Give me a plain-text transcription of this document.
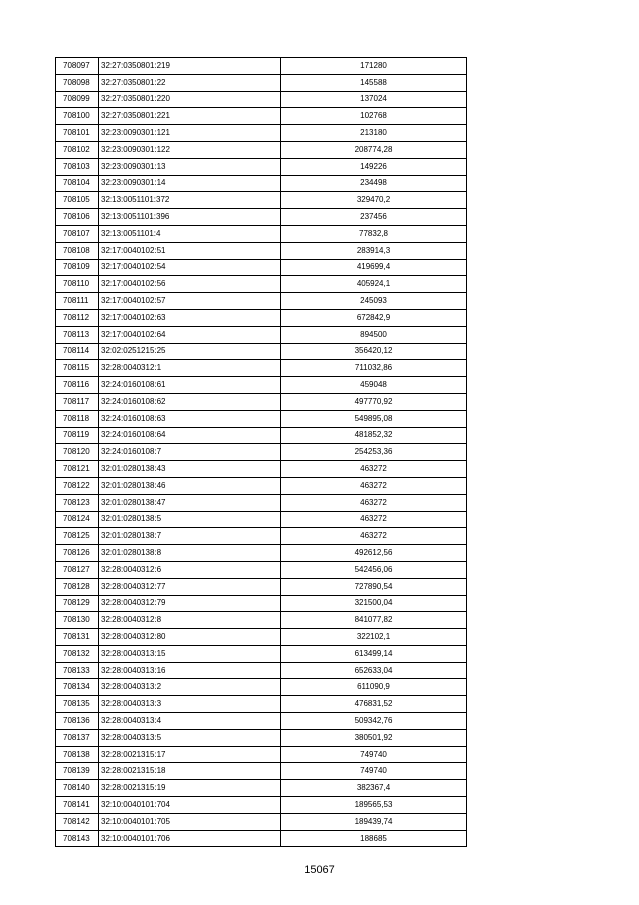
708097	32:27:0350801:219	171280
708098	32:27:0350801:22	145588
708099	32:27:0350801:220	137024
708100	32:27:0350801:221	102768
708101	32:23:0090301:121	213180
708102	32:23:0090301:122	208774,28
708103	32:23:0090301:13	149226
708104	32:23:0090301:14	234498
708105	32:13:0051101:372	329470,2
708106	32:13:0051101:396	237456
708107	32:13:0051101:4	77832,8
708108	32:17:0040102:51	283914,3
708109	32:17:0040102:54	419699,4
708110	32:17:0040102:56	405924,1
708111	32:17:0040102:57	245093
708112	32:17:0040102:63	672842,9
708113	32:17:0040102:64	894500
708114	32:02:0251215:25	356420,12
708115	32:28:0040312:1	711032,86
708116	32:24:0160108:61	459048
708117	32:24:0160108:62	497770,92
708118	32:24:0160108:63	549895,08
708119	32:24:0160108:64	481852,32
708120	32:24:0160108:7	254253,36
708121	32:01:0280138:43	463272
708122	32:01:0280138:46	463272
708123	32:01:0280138:47	463272
708124	32:01:0280138:5	463272
708125	32:01:0280138:7	463272
708126	32:01:0280138:8	492612,56
708127	32:28:0040312:6	542456,06
708128	32:28:0040312:77	727890,54
708129	32:28:0040312:79	321500,04
708130	32:28:0040312:8	841077,82
708131	32:28:0040312:80	322102,1
708132	32:28:0040313:15	613499,14
708133	32:28:0040313:16	652633,04
708134	32:28:0040313:2	611090,9
708135	32:28:0040313:3	476831,52
708136	32:28:0040313:4	509342,76
708137	32:28:0040313:5	380501,92
708138	32:28:0021315:17	749740
708139	32:28:0021315:18	749740
708140	32:28:0021315:19	382367,4
708141	32:10:0040101:704	189565,53
708142	32:10:0040101:705	189439,74
708143	32:10:0040101:706	188685
15067
